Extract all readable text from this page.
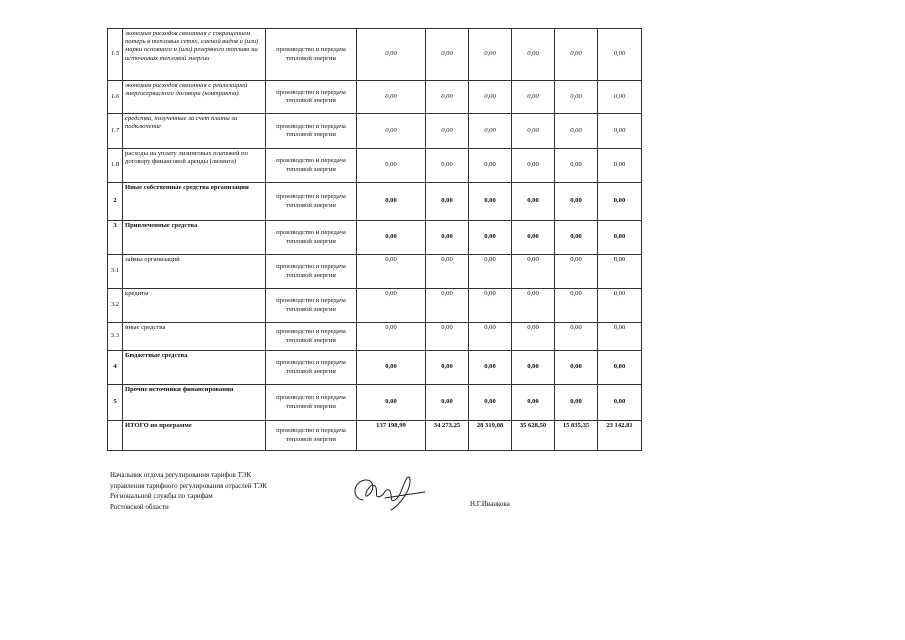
1.5	экономия расходов связанная с сокращением потерь в тепловых сетях, сменой видов и (или) марки основного и (или) резервного топлива на источниках тепловой энергии	производство и передача тепловой энергии	0,00	0,00	0,00	0,00	0,00	0,00
1.6	экономия расходов связанная с реализацией энергосервисного договора (контракта)	производство и передача тепловой энергии	0,00	0,00	0,00	0,00	0,00	0,00
1.7	средства, полученные за счет платы за подключение	производство и передача тепловой энергии	0,00	0,00	0,00	0,00	0,00	0,00
1.8	расходы на уплату лизинговых платежей по договору финансовой аренды (лизинга)	производство и передача тепловой энергии	0,00	0,00	0,00	0,00	0,00	0,00
2	Иные собственные средства организации	производство и передача тепловой энергии	0,00	0,00	0,00	0,00	0,00	0,00
3	Привлеченные средства	производство и передача тепловой энергии	0,00	0,00	0,00	0,00	0,00	0,00
3.1	займы организаций	производство и передача тепловой энергии	0,00	0,00	0,00	0,00	0,00	0,00
3.2	кредиты	производство и передача тепловой энергии	0,00	0,00	0,00	0,00	0,00	0,00
3.3	иные средства	производство и передача тепловой энергии	0,00	0,00	0,00	0,00	0,00	0,00
4	Бюджетные средства	производство и передача тепловой энергии	0,00	0,00	0,00	0,00	0,00	0,00
5	Прочие источники финансирования	производство и передача тепловой энергии	0,00	0,00	0,00	0,00	0,00	0,00
	ИТОГО по программе	производство и передача тепловой энергии	137 198,99	34 273,25	28 319,08	35 628,50	15 835,35	23 142,81
Начальник отдела регулирования тарифов ТЭК
управления тарифного регулирования отраслей ТЭК
Региональной службы по тарифам
Ростовской области	Н.Г.Иванкова
